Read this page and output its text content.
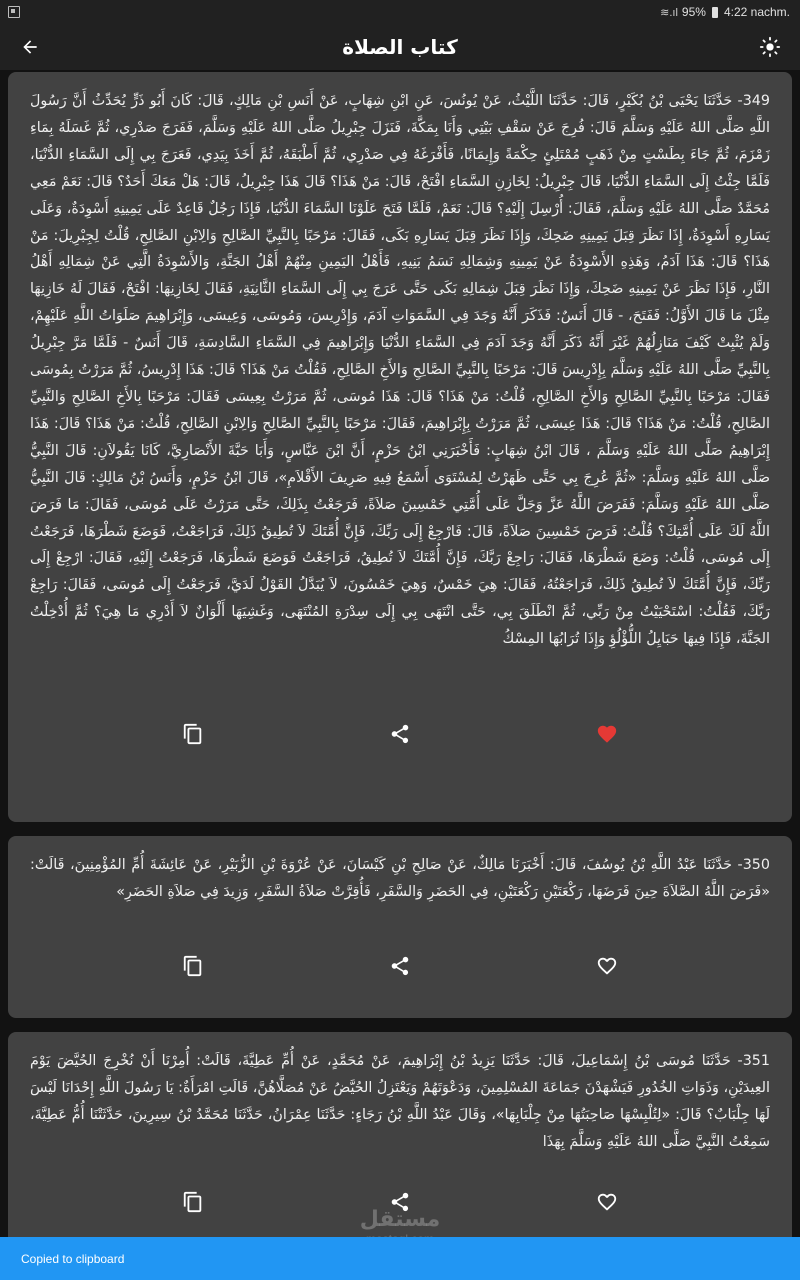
≋.ıl 95% 4:22 nachm.
كتاب الصلاة
349- حَدَّثَنَا يَحْيَى بْنُ بُكَيْرٍ، قَالَ: حَدَّثَنَا اللَّيْثُ، عَنْ يُونُسَ، عَنِ ابْنِ شِهَابٍ، عَنْ أَنَسِ بْنِ مَالِكٍ، قَالَ: كَانَ أَبُو ذَرٍّ يُحَدِّثُ أَنَّ رَسُولَ اللَّهِ صَلَّى اللهُ عَلَيْهِ وَسَلَّمَ قَالَ: فُرِجَ عَنْ سَقْفِ بَيْتِي وَأَنَا بِمَكَّةَ، فَنَزَلَ جِبْرِيلُ صَلَّى اللهُ عَلَيْهِ وَسَلَّمَ، فَفَرَجَ صَدْرِي، ثُمَّ غَسَلَهُ بِمَاءِ زَمْزَمَ، ثُمَّ جَاءَ بِطَسْتٍ مِنْ ذَهَبٍ مُمْتَلِئٍ حِكْمَةً وَإِيمَانًا، فَأَفْرَغَهُ فِي صَدْرِي، ثُمَّ أَطْبَقَهُ، ثُمَّ أَخَذَ بِيَدِي، فَعَرَجَ بِي إِلَى السَّمَاءِ الدُّنْيَا، فَلَمَّا جِئْتُ إِلَى السَّمَاءِ الدُّنْيَا، قَالَ جِبْرِيلُ: لِخَازِنِ السَّمَاءِ افْتَحْ، قَالَ: مَنْ هَذَا؟ قَالَ هَذَا جِبْرِيلُ، قَالَ: هَلْ مَعَكَ أَحَدٌ؟ قَالَ: نَعَمْ مَعِي مُحَمَّدٌ صَلَّى اللهُ عَلَيْهِ وَسَلَّمَ، فَقَالَ: أُرْسِلَ إِلَيْهِ؟ قَالَ: نَعَمْ، فَلَمَّا فَتَحَ عَلَوْنَا السَّمَاءَ الدُّنْيَا، فَإِذَا رَجُلٌ قَاعِدٌ عَلَى يَمِينِهِ أَسْوِدَةٌ، وَعَلَى يَسَارِهِ أَسْوِدَةٌ، إِذَا نَظَرَ قِبَلَ يَمِينِهِ ضَحِكَ، وَإِذَا نَظَرَ قِبَلَ يَسَارِهِ بَكَى، فَقَالَ: مَرْحَبًا بِالنَّبِيِّ الصَّالِحِ وَالِابْنِ الصَّالِحِ، قُلْتُ لِجِبْرِيلَ: مَنْ هَذَا؟ قَالَ: هَذَا آدَمُ، وَهَذِهِ الأَسْوِدَةُ عَنْ يَمِينِهِ وَشِمَالِهِ نَسَمُ بَنِيهِ، فَأَهْلُ اليَمِينِ مِنْهُمْ أَهْلُ الجَنَّةِ، وَالأَسْوِدَةُ الَّتِي عَنْ شِمَالِهِ أَهْلُ النَّارِ، فَإِذَا نَظَرَ عَنْ يَمِينِهِ ضَحِكَ، وَإِذَا نَظَرَ قِبَلَ شِمَالِهِ بَكَى حَتَّى عَرَجَ بِي إِلَى السَّمَاءِ الثَّانِيَةِ، فَقَالَ لِخَازِنِهَا: افْتَحْ، فَقَالَ لَهُ خَازِنِهَا مِثْلَ مَا قَالَ الأَوَّلُ: فَفَتَحَ، - قَالَ أَنَسٌ: فَذَكَرَ أَنَّهُ وَجَدَ فِي السَّمَوَاتِ آدَمَ، وَإِدْرِيسَ، وَمُوسَى، وَعِيسَى، وَإِبْرَاهِيمَ صَلَوَاتُ اللَّهِ عَلَيْهِمْ، وَلَمْ يُثْبِتْ كَيْفَ مَنَازِلُهُمْ غَيْرَ أَنَّهُ ذَكَرَ أَنَّهُ وَجَدَ آدَمَ فِي السَّمَاءِ الدُّنْيَا وَإِبْرَاهِيمَ فِي السَّمَاءِ السَّادِسَةِ، قَالَ أَنَسٌ - فَلَمَّا مَرَّ جِبْرِيلُ بِالنَّبِيِّ صَلَّى اللهُ عَلَيْهِ وَسَلَّمَ بِإِدْرِيسَ قَالَ: مَرْحَبًا بِالنَّبِيِّ الصَّالِحِ وَالأَخِ الصَّالِحِ، فَقُلْتُ مَنْ هَذَا؟ قَالَ: هَذَا إِدْرِيسُ، ثُمَّ مَرَرْتُ بِمُوسَى فَقَالَ: مَرْحَبًا بِالنَّبِيِّ الصَّالِحِ وَالأَخِ الصَّالِحِ، قُلْتُ: مَنْ هَذَا؟ قَالَ: هَذَا مُوسَى، ثُمَّ مَرَرْتُ بِعِيسَى فَقَالَ: مَرْحَبًا بِالأَخِ الصَّالِحِ وَالنَّبِيِّ الصَّالِحِ، قُلْتُ: مَنْ هَذَا؟ قَالَ: هَذَا عِيسَى، ثُمَّ مَرَرْتُ بِإِبْرَاهِيمَ، فَقَالَ: مَرْحَبًا بِالنَّبِيِّ الصَّالِحِ وَالِابْنِ الصَّالِحِ، قُلْتُ: مَنْ هَذَا؟ قَالَ: هَذَا إِبْرَاهِيمُ صَلَّى اللهُ عَلَيْهِ وَسَلَّمَ ، قَالَ ابْنُ شِهَابٍ: فَأَخْبَرَنِي ابْنُ حَزْمٍ، أَنَّ ابْنَ عَبَّاسٍ، وَأَبَا حَبَّةَ الأَنْصَارِيَّ، كَانَا يَقُولاَنِ: قَالَ النَّبِيُّ صَلَّى اللهُ عَلَيْهِ وَسَلَّمَ: «ثُمَّ عُرِجَ بِي حَتَّى ظَهَرْتُ لِمُسْتَوَى أَسْمَعُ فِيهِ صَرِيفَ الأَقْلاَمِ»، قَالَ ابْنُ حَزْمٍ، وَأَنَسُ بْنُ مَالِكٍ: قَالَ النَّبِيُّ صَلَّى اللهُ عَلَيْهِ وَسَلَّمَ: فَفَرَضَ اللَّهُ عَزَّ وَجَلَّ عَلَى أُمَّتِي خَمْسِينَ صَلاَةً، فَرَجَعْتُ بِذَلِكَ، حَتَّى مَرَرْتُ عَلَى مُوسَى، فَقَالَ: مَا فَرَضَ اللَّهُ لَكَ عَلَى أُمَّتِكَ؟ قُلْتُ: فَرَضَ خَمْسِينَ صَلاَةً، قَالَ: فَارْجِعْ إِلَى رَبِّكَ، فَإِنَّ أُمَّتَكَ لاَ تُطِيقُ ذَلِكَ، فَرَاجَعْتُ، فَوَضَعَ شَطْرَهَا، فَرَجَعْتُ إِلَى مُوسَى، قُلْتُ: وَضَعَ شَطْرَهَا، فَقَالَ: رَاجِعْ رَبَّكَ، فَإِنَّ أُمَّتَكَ لاَ تُطِيقُ، فَرَاجَعْتُ فَوَضَعَ شَطْرَهَا، فَرَجَعْتُ إِلَيْهِ، فَقَالَ: ارْجِعْ إِلَى رَبِّكَ، فَإِنَّ أُمَّتَكَ لاَ تُطِيقُ ذَلِكَ، فَرَاجَعْتُهُ، فَقَالَ: هِيَ خَمْسٌ، وَهِيَ خَمْسُونَ، لاَ يُبَدَّلُ القَوْلُ لَدَيَّ، فَرَجَعْتُ إِلَى مُوسَى، فَقَالَ: رَاجِعْ رَبَّكَ، فَقُلْتُ: اسْتَحْيَيْتُ مِنْ رَبِّي، ثُمَّ انْطَلَقَ بِي، حَتَّى انْتَهَى بِي إِلَى سِدْرَةِ المُنْتَهَى، وَغَشِيَهَا أَلْوَانٌ لاَ أَدْرِي مَا هِيَ؟ ثُمَّ أُدْخِلْتُ الجَنَّةَ، فَإِذَا فِيهَا حَبَايِلُ اللُّؤْلُؤِ وَإِذَا تُرَابُهَا المِسْكُ
350- حَدَّثَنَا عَبْدُ اللَّهِ بْنُ يُوسُفَ، قَالَ: أَخْبَرَنَا مَالِكٌ، عَنْ صَالِحِ بْنِ كَيْسَانَ، عَنْ عُرْوَةَ بْنِ الزُّبَيْرِ، عَنْ عَائِشَةَ أُمِّ المُؤْمِنِينَ، قَالَتْ: «فَرَضَ اللَّهُ الصَّلاَةَ حِينَ فَرَضَهَا، رَكْعَتَيْنِ رَكْعَتَيْنِ، فِي الحَضَرِ وَالسَّفَرِ، فَأُقِرَّتْ صَلاَةُ السَّفَرِ، وَزِيدَ فِي صَلاَةِ الحَضَرِ»
351- حَدَّثَنَا مُوسَى بْنُ إِسْمَاعِيلَ، قَالَ: حَدَّثَنَا يَزِيدُ بْنُ إِبْرَاهِيمَ، عَنْ مُحَمَّدٍ، عَنْ أُمِّ عَطِيَّةَ، قَالَتْ: أُمِرْنَا أَنْ نُخْرِجَ الحُيَّضَ يَوْمَ العِيدَيْنِ، وَذَوَاتِ الخُدُورِ فَيَشْهَدْنَ جَمَاعَةَ المُسْلِمِينَ، وَدَعْوَتَهُمْ وَيَعْتَزِلُ الحُيَّضُ عَنْ مُصَلَّاهُنَّ، قَالَتِ امْرَأَةٌ: يَا رَسُولَ اللَّهِ إِحْدَانَا لَيْسَ لَهَا جِلْبَابٌ؟ قَالَ: «لِتُلْبِسْهَا صَاحِبَتُهَا مِنْ جِلْبَابِهَا»، وَقَالَ عَبْدُ اللَّهِ بْنُ رَجَاءٍ: حَدَّثَنَا عِمْرَانُ، حَدَّثَنَا مُحَمَّدُ بْنُ سِيرِينَ، حَدَّثَتْنَا أُمُّ عَطِيَّةَ، سَمِعْتُ النَّبِيَّ صَلَّى اللهُ عَلَيْهِ وَسَلَّمَ بِهَذَا
مستقل
Copied to clipboard
